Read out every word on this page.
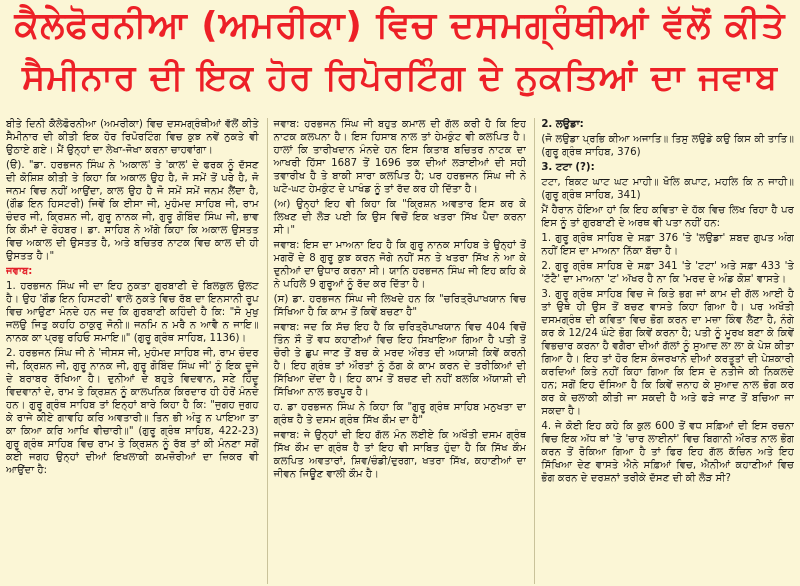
ਕੈਲੇਫੋਰਨੀਆ (ਅਮਰੀਕਾ) ਵਿਚ ਦਸਮਗ੍ਰੰਥੀਆਂ ਵੱਲੋਂ ਕੀਤੇ
ਸੈਮੀਨਾਰ ਦੀ ਇਕ ਹੋਰ ਰਿਪੋਰਟਿੰਗ ਦੇ ਨੁਕਤਿਆਂ ਦਾ ਜਵਾਬ

ਬੀਤੇ ਦਿਨੀ ਕੈਲੇਫੋਰਨੀਆ (ਅਮਰੀਕਾ) ਵਿਚ ਦਸਮਗ੍ਰੰਥੀਆਂ ਵੱਲੋਂ ਕੀਤੇ ਸੈਮੀਨਾਰ ਦੀ ਕੀਤੀ ਇਕ ਹੋਰ ਰਿਪੋਰਟਿੰਗ ਵਿਚ ਕੁਝ ਨਵੇਂ ਨੁਕਤੇ ਵੀ ਉਠਾਏ ਗਏ। ਮੈਂ ਉਨ੍ਹਾਂ ਦਾ ਲੇਖਾ-ਜੋਖਾ ਕਰਨਾ ਚਾਹਵਾਂਗਾ।

(ੳ). "ਡਾ. ਹਰਭਜਨ ਸਿੰਘ ਨੇ 'ਅਕਾਲ' ਤੇ 'ਕਾਲ' ਦੇ ਫਰਕ ਨੂੰ ਦੱਸਣ ਦੀ ਕੋਸ਼ਿਸ਼ ਕੀਤੀ ਤੇ ਕਿਹਾ ਕਿ ਅਕਾਲ ਉਹ ਹੈ, ਜੋ ਸਮੇਂ ਤੋਂ ਪਰੇ ਹੈ, ਜੋ ਜਨਮ ਵਿਚ ਨਹੀਂ ਆਉਂਦਾ, ਕਾਲ ਉਹ ਹੈ ਜੋ ਸਮੇਂ ਸਮੇਂ ਜਨਮ ਲੈਂਦਾ ਹੈ, (ਗੌਡ ਇਨ ਹਿਸਟਰੀ) ਜਿਵੇਂ ਕਿ ਈਸਾ ਜੀ, ਮੁਹੰਮਦ ਸਾਹਿਬ ਜੀ, ਰਾਮ ਚੰਦਰ ਜੀ, ਕ੍ਰਿਸ਼ਨ ਜੀ, ਗੁਰੂ ਨਾਨਕ ਜੀ, ਗੁਰੂ ਗੋਬਿੰਦ ਸਿੰਘ ਜੀ, ਭਾਵ ਕਿ ਕੌਮਾਂ ਦੇ ਰੋਹਬਰ। ਡਾ. ਸਾਹਿਬ ਨੇ ਅੱਗੇ ਕਿਹਾ ਕਿ ਅਕਾਲ ਉਸਤਤ ਵਿਚ ਅਕਾਲ ਦੀ ਉਸਤਤ ਹੈ, ਅਤੇ ਬਚਿਤਰ ਨਾਟਕ ਵਿਚ ਕਾਲ ਦੀ ਹੀ ਉਸਤਤ ਹੈ।"

ਜਵਾਬ:

1. ਹਰਭਜਨ ਸਿੰਘ ਜੀ ਦਾ ਇਹ ਨੁਕਤਾ ਗੁਰਬਾਣੀ ਦੇ ਬਿਲਕੁਲ ਉਲਟ ਹੈ। ਉਹ 'ਗੌਡ ਇਨ ਹਿਸਟਰੀ' ਵਾਲੇ ਨੁਕਤੇ ਵਿਚ ਰੱਬ ਦਾ ਇਨਸਾਨੀ ਰੂਪ ਵਿਚ ਆਉਣਾ ਮੰਨਦੇ ਹਨ ਜਦ ਕਿ ਗੁਰਬਾਣੀ ਕਹਿੰਦੀ ਹੈ ਕਿ: "ਸੋ ਮੁਖੁ ਜਲਉ ਜਿਤੁ ਕਹਹਿ ਠਾਕੁਰੁ ਜੋਨੀ॥ ਜਨਮਿ ਨ ਮਰੈ ਨ ਆਵੈ ਨ ਜਾਇ॥ ਨਾਨਕ ਕਾ ਪ੍ਰਭੁ ਰਹਿਓ ਸਮਾਇ॥" (ਗੁਰੂ ਗ੍ਰੰਥ ਸਾਹਿਬ, 1136)।

2. ਹਰਭਜਨ ਸਿੰਘ ਜੀ ਨੇ 'ਜੀਸਸ ਜੀ, ਮੁਹੰਮਦ ਸਾਹਿਬ ਜੀ, ਰਾਮ ਚੰਦਰ ਜੀ, ਕ੍ਰਿਸ਼ਨ ਜੀ, ਗੁਰੂ ਨਾਨਕ ਜੀ, ਗੁਰੂ ਗੋਬਿੰਦ ਸਿੰਘ ਜੀ' ਨੂੰ ਇਕ ਦੂਜੇ ਦੇ ਬਰਾਬਰ ਰੱਖਿਆ ਹੈ। ਦੁਨੀਆਂ ਦੇ ਬਹੁਤੇ ਵਿਦਵਾਨ, ਸਣੇ ਹਿੰਦੂ ਵਿਦਵਾਨਾਂ ਦੇ, ਰਾਮ ਤੇ ਕ੍ਰਿਸ਼ਨ ਨੂੰ ਕਾਲਪਨਿਕ ਕਿਰਦਾਰ ਹੀ ਹੋਰੋਂ ਮੰਨਦੇ ਹਨ। ਗੁਰੂ ਗ੍ਰੰਥ ਸਾਹਿਬ ਤਾਂ ਇਨ੍ਹਾਂ ਬਾਰੇ ਕਿਹਾ ਹੈ ਕਿ: "ਜੁਗਹ ਜੁਗਹ ਕੇ ਰਾਜੇ ਕੀਏ ਗਾਵਹਿ ਕਰਿ ਅਵਤਾਰੀ॥ ਤਿਨ ਭੀ ਅੰਤੁ ਨ ਪਾਇਆ ਤਾ ਕਾ ਕਿਆ ਕਰਿ ਆਖਿ ਵੀਚਾਰੀ॥" (ਗੁਰੂ ਗ੍ਰੰਥ ਸਾਹਿਬ, 422-23) ਗੁਰੂ ਗ੍ਰੰਥ ਸਾਹਿਬ ਵਿਚ ਰਾਮ ਤੇ ਕ੍ਰਿਸ਼ਨ ਨੂੰ ਰੱਬ ਤਾਂ ਕੀ ਮੰਨਣਾ ਸਗੋਂ ਕਈ ਜਗਹ ਉਨ੍ਹਾਂ ਦੀਆਂ ਇਖਲਾਕੀ ਕਮਜ਼ੋਰੀਆਂ ਦਾ ਜ਼ਿਕਰ ਵੀ ਆਉਂਦਾ ਹੈ:

ਜਵਾਬ: ਹਰਭਜਨ ਸਿੰਘ ਜੀ ਬਹੁਤ ਕਮਾਲ ਦੀ ਗੱਲ ਕਰੀ ਹੈ ਕਿ ਇਹ ਨਾਟਕ ਕਲਪਨਾ ਹੈ। ਇਸ ਹਿਸਾਬ ਨਾਲ ਤਾਂ ਹੇਮਕੁੰਟ ਵੀ ਕਲਪਿਤ ਹੈ। ਹਾਲਾਂ ਕਿ ਤਾਰੀਖਦਾਨ ਮੰਨਦੇ ਹਨ ਇਸ ਕਿਤਾਬ ਬਚਿਤਰ ਨਾਟਕ ਦਾ ਆਖਰੀ ਹਿੱਸਾ 1687 ਤੋਂ 1696 ਤਕ ਦੀਆਂ ਲੜਾਈਆਂ ਦੀ ਸਹੀ ਤਵਾਰੀਖ ਹੈ ਤੇ ਬਾਕੀ ਸਾਰਾ ਕਲਪਿਤ ਹੈ; ਪਰ ਹਰਭਜਨ ਸਿੰਘ ਜੀ ਨੇ ਘਟੋ-ਘਟ ਹੇਮਕੁੰਟ ਦੇ ਪਾਖੰਡ ਨੂੰ ਤਾਂ ਰੱਦ ਕਰ ਹੀ ਦਿੱਤਾ ਹੈ।

(ਅ) ਉਨ੍ਹਾਂ ਇਹ ਵੀ ਕਿਹਾ ਕਿ "ਕ੍ਰਿਸ਼ਨ ਅਵਤਾਰ ਇਸ ਕਰ ਕੇ ਲਿਖਣ ਦੀ ਲੋੜ ਪਈ ਕਿ ਉਸ ਵਿਚੋਂ ਇਕ ਖਤਰਾ ਸਿੱਖ ਪੈਦਾ ਕਰਨਾ ਸੀ।"

ਜਵਾਬ: ਇਸ ਦਾ ਮਾਅਨਾ ਇਹ ਹੈ ਕਿ ਗੁਰੂ ਨਾਨਕ ਸਾਹਿਬ ਤੇ ਉਨ੍ਹਾਂ ਤੋਂ ਮਗਰੋਂ ਦੇ 8 ਗੁਰੂ ਕੁਝ ਕਰਨ ਜੋਗੇ ਨਹੀਂ ਸਨ ਤੇ ਖਤਰਾ ਸਿੱਖ ਨੇ ਆ ਕੇ ਦੁਨੀਆਂ ਦਾ ਉਧਾਰ ਕਰਨਾ ਸੀ। ਯਾਨਿ ਹਰਭਜਨ ਸਿੰਘ ਜੀ ਇਹ ਕਹਿ ਕੇ ਨੇ ਪਹਿਲੇ 9 ਗੁਰੂਆਂ ਨੂੰ ਰੱਦ ਕਰ ਦਿੱਤਾ ਹੈ।

(ਸ) ਡਾ. ਹਰਭਜਨ ਸਿੰਘ ਜੀ ਲਿਖਦੇ ਹਨ ਕਿ "ਚਰਿਤ੍ਰੋਪਾਖਯਾਨ ਵਿਚ ਸਿੱਖਿਆ ਹੈ ਕਿ ਕਾਮ ਤੋਂ ਕਿਵੇਂ ਬਚਣਾ ਹੈ"

ਜਵਾਬ: ਜਦ ਕਿ ਸੱਚ ਇਹ ਹੈ ਕਿ ਚਰਿਤ੍ਰੋਪਾਖਯਾਨ ਵਿਚ 404 ਵਿਚੋਂ ਤਿੰਨ ਸੌ ਤੋਂ ਵਧ ਕਹਾਣੀਆਂ ਵਿਚ ਇਹ ਸਿਖਾਇਆ ਗਿਆ ਹੈ ਪਤੀ ਤੋਂ ਚੋਰੀ ਤੇ ਛੁਪ ਜਾਣ ਤੋਂ ਬਚ ਕੇ ਮਰਦ ਔਰਤ ਦੀ ਅਯਾਸ਼ੀ ਕਿਵੇਂ ਕਰਨੀ ਹੈ। ਇਹ ਗ੍ਰੰਥ ਤਾਂ ਔਰਤਾਂ ਨੂੰ ਠੱਗ ਕੇ ਕਾਮ ਕਰਨ ਦੇ ਤਰੀਕਿਆਂ ਦੀ ਸਿੱਖਿਆ ਦੇਂਦਾ ਹੈ। ਇਹ ਕਾਮ ਤੋਂ ਬਚਣ ਦੀ ਨਹੀਂ ਬਲਕਿ ਅੱਯਾਸ਼ੀ ਦੀ ਸਿੱਖਿਆ ਨਾਲ ਭਰਪੂਰ ਹੈ।

ਹ. ਡਾ ਹਰਭਜਨ ਸਿੰਘ ਨੇ ਕਿਹਾ ਕਿ "ਗੁਰੂ ਗ੍ਰੰਥ ਸਾਹਿਬ ਮਨੁਖਤਾ ਦਾ ਗ੍ਰੰਥ ਹੈ ਤੇ ਦਸਮ ਗ੍ਰੰਥ ਸਿੱਖ ਕੌਮ ਦਾ ਹੈ"

ਜਵਾਬ: ਜੇ ਉਨ੍ਹਾਂ ਦੀ ਇਹ ਗੱਲ ਮੰਨ ਲਈਏ ਕਿ ਅਖੌਤੀ ਦਸਮ ਗ੍ਰੰਥ ਸਿੱਖ ਕੌਮ ਦਾ ਗ੍ਰੰਥ ਹੈ ਤਾਂ ਇਹ ਵੀ ਸਾਬਿਤ ਹੁੰਦਾ ਹੈ ਕਿ ਸਿੱਖ ਕੌਮ ਕਲਪਿਤ ਅਵਤਾਰਾਂ, ਸ਼ਿਵ/ਚੰਡੀ/ਦੁਰਗਾ, ਖਤਰਾ ਸਿੱਖ, ਕਹਾਣੀਆਂ ਦਾ ਜੀਵਨ ਜਿਊਣ ਵਾਲੀ ਕੌਮ ਹੈ।

2. ਲਉਡਾ:

(ਜੋ ਲਉਡਾ ਪ੍ਰਭਿ ਕੀਆ ਅਜਾਤਿ॥ ਤਿਸੁ ਲਉਡੇ ਕਉ ਕਿਸ ਕੀ ਤਾਤਿ॥ (ਗੁਰੂ ਗ੍ਰੰਥ ਸਾਹਿਬ, 376)

3. ਟਟਾ (?):

ਟਟਾ, ਬਿਕਟ ਘਾਟ ਘਟ ਮਾਹੀ॥ ਖੋਲਿ ਕਪਾਟ, ਮਹਲਿ ਕਿ ਨ ਜਾਹੀ॥ (ਗੁਰੂ ਗ੍ਰੰਥ ਸਾਹਿਬ, 341)

ਮੈਂ ਹੈਰਾਨ ਹੋਇਆ ਹਾਂ ਕਿ ਇਹ ਕਵਿਤਾ ਦੇ ਹੱਕ ਵਿਚ ਲਿਖ ਰਿਹਾ ਹੈ ਪਰ ਇਸ ਨੂੰ ਤਾਂ ਗੁਰਬਾਣੀ ਦੇ ਅਰਥ ਵੀ ਪਤਾ ਨਹੀਂ ਹਨ:

1. ਗੁਰੂ ਗ੍ਰੰਥ ਸਾਹਿਬ ਦੇ ਸਫ਼ਾ 376 'ਤੇ 'ਲਉਡਾ' ਸ਼ਬਦ ਗੁਪਤ ਅੰਗ ਨਹੀਂ ਇਸ ਦਾ ਮਾਅਨਾ ਨਿੱਕਾ ਬੱਚਾ ਹੈ।

2. ਗੁਰੂ ਗ੍ਰੰਥ ਸਾਹਿਬ ਦੇ ਸਫ਼ਾ 341 'ਤੇ 'ਟਟਾ' ਅਤੇ ਸਫ਼ਾ 433 'ਤੇ 'ਟੱਟੈ' ਦਾ ਮਾਅਨਾ 'ਟ' ਅੱਖਰ ਹੈ ਨਾ ਕਿ 'ਮਰਦ ਦੇ ਅੰਡ ਕੋਸ਼' ਵਾਸਤੇ।

3. ਗੁਰੂ ਗ੍ਰੰਥ ਸਾਹਿਬ ਵਿਚ ਜੇ ਕਿਤੇ ਭਗ ਜਾਂ ਕਾਮ ਦੀ ਗੱਲ ਆਈ ਹੈ ਤਾਂ ਉਥੇ ਹੀ ਉਸ ਤੋਂ ਬਚਣ ਵਾਸਤੇ ਕਿਹਾ ਗਿਆ ਹੈ। ਪਰ ਅਖੌਤੀ ਦਸਮਗ੍ਰੰਥ ਦੀ ਕਵਿਤਾ ਵਿਚ ਭੋਗ ਕਰਨ ਦਾ ਮਜ਼ਾ ਕਿੰਞ ਲੈਣਾ ਹੈ, ਨੰਗੇ ਕਰ ਕੇ 12/24 ਘੰਟੇ ਭੋਗ ਕਿਵੇਂ ਕਰਨਾ ਹੈ; ਪਤੀ ਨੂੰ ਮੂਰਖ ਬਣਾ ਕੇ ਕਿਵੇਂ ਵਿਭਚਾਰ ਕਰਨਾ ਹੈ ਵਗੈਰਾ ਦੀਆਂ ਗੱਲਾਂ ਨੂੰ ਸੁਆਦ ਲਾ ਲਾ ਕੇ ਪੇਸ਼ ਕੀਤਾ ਗਿਆ ਹੈ। ਇਹ ਤਾਂ ਹੋਰ ਇਸ ਕੰਜਰਖਾਨੇ ਦੀਆਂ ਕਰਤੂਤਾਂ ਦੀ ਪੇਸ਼ਕਾਰੀ ਕਰਦਿਆਂ ਕਿਤੇ ਨਹੀਂ ਕਿਹਾ ਗਿਆ ਕਿ ਇਸ ਦੇ ਨਤੀਜੇ ਕੀ ਨਿਕਲਦੇ ਹਨ; ਸਗੋਂ ਇਹ ਦੱਸਿਆ ਹੈ ਕਿ ਕਿਵੇਂ ਜ਼ਨਾਹ ਕੇ ਸੁਆਦ ਨਾਲ ਭੋਗ ਕਰ ਕਰ ਕੇ ਚਲਾਕੀ ਕੀਤੀ ਜਾ ਸਕਦੀ ਹੈ ਅਤੇ ਫੜੇ ਜਾਣ ਤੋਂ ਬਚਿਆ ਜਾ ਸਕਦਾ ਹੈ।

4. ਜੇ ਕੋਈ ਇਹ ਕਹੇ ਕਿ ਕੁਲ 600 ਤੋਂ ਵਧ ਸਫ਼ਿਆਂ ਦੀ ਇਸ ਰਚਨਾ ਵਿਚ ਇਕ ਅੱਧ ਥਾਂ 'ਤੇ 'ਚਾਰ ਲਾਈਨਾਂ' ਵਿਚ ਬਿਗਾਨੀ ਔਰਤ ਨਾਲ ਭੋਗ ਕਰਨ ਤੋਂ ਰੋਕਿਆ ਗਿਆ ਹੈ ਤਾਂ ਫਿਰ ਇਹ ਗੱਲ ਕੱਚਿਨ ਅਤੇ ਇਹ ਸਿੱਖਿਆ ਦੇਣ ਵਾਸਤੇ ਐਨੇ ਸਫ਼ਿਆਂ ਵਿਚ, ਐਨੀਆਂ ਕਹਾਣੀਆਂ ਵਿਚ ਭੋਗ ਕਰਨ ਦੇ ਦਰਸ਼ਨਾਂ ਤਰੀਕੇ ਦੱਸਣ ਦੀ ਕੀ ਲੋੜ ਸੀ?
